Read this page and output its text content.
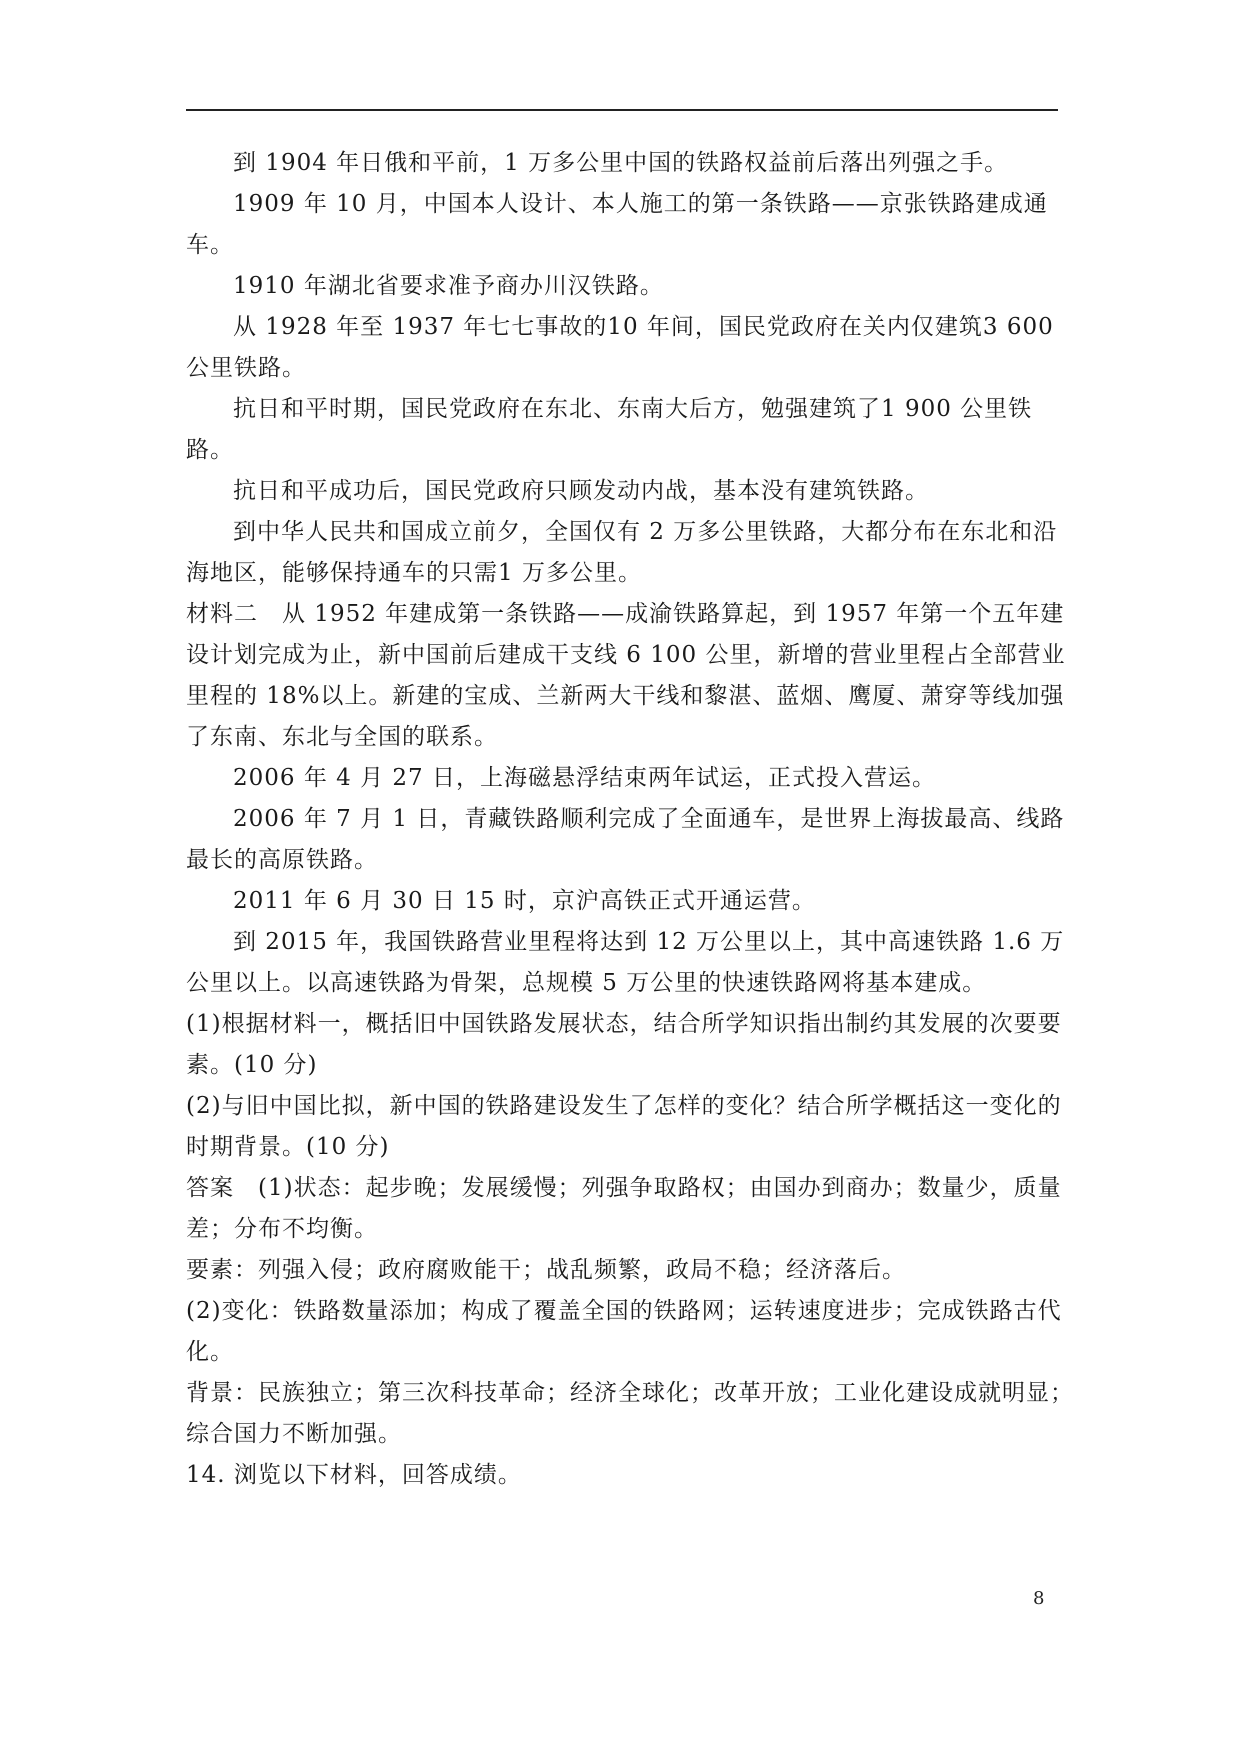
到 1904 年日俄和平前，1 万多公里中国的铁路权益前后落出列强之手。

1909 年 10 月，中国本人设计、本人施工的第一条铁路——京张铁路建成通车。

1910 年湖北省要求准予商办川汉铁路。

从 1928 年至 1937 年七七事故的10 年间，国民党政府在关内仅建筑3 600 公里铁路。

抗日和平时期，国民党政府在东北、东南大后方，勉强建筑了1 900 公里铁路。

抗日和平成功后，国民党政府只顾发动内战，基本没有建筑铁路。

到中华人民共和国成立前夕，全国仅有 2 万多公里铁路，大都分布在东北和沿海地区，能够保持通车的只需1 万多公里。

材料二　从 1952 年建成第一条铁路——成渝铁路算起，到 1957 年第一个五年建设计划完成为止，新中国前后建成干支线 6 100 公里，新增的营业里程占全部营业里程的 18%以上。新建的宝成、兰新两大干线和黎湛、蓝烟、鹰厦、萧穿等线加强了东南、东北与全国的联系。

2006 年 4 月 27 日，上海磁悬浮结束两年试运，正式投入营运。

2006 年 7 月 1 日，青藏铁路顺利完成了全面通车，是世界上海拔最高、线路最长的高原铁路。

2011 年 6 月 30 日 15 时，京沪高铁正式开通运营。

到 2015 年，我国铁路营业里程将达到 12 万公里以上，其中高速铁路 1.6 万公里以上。以高速铁路为骨架，总规模 5 万公里的快速铁路网将基本建成。

(1)根据材料一，概括旧中国铁路发展状态，结合所学知识指出制约其发展的次要要素。(10 分)

(2)与旧中国比拟，新中国的铁路建设发生了怎样的变化？结合所学概括这一变化的时期背景。(10 分)

答案　(1)状态：起步晚；发展缓慢；列强争取路权；由国办到商办；数量少，质量差；分布不均衡。

要素：列强入侵；政府腐败能干；战乱频繁，政局不稳；经济落后。

(2)变化：铁路数量添加；构成了覆盖全国的铁路网；运转速度进步；完成铁路古代化。

背景：民族独立；第三次科技革命；经济全球化；改革开放；工业化建设成就明显；综合国力不断加强。

14. 浏览以下材料，回答成绩。

8
